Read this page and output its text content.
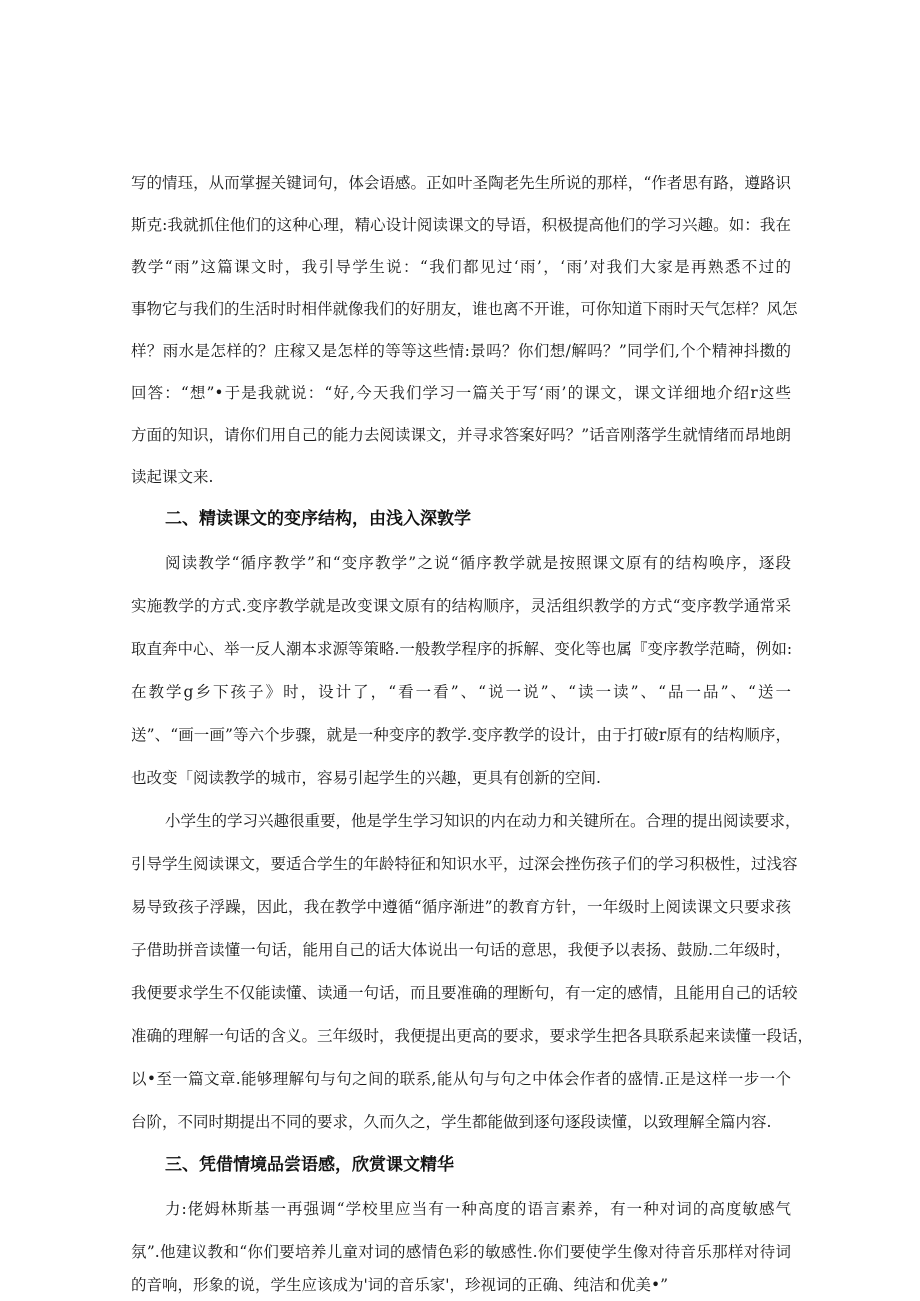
写的情珏，从而掌握关键词句，体会语感。正如叶圣陶老先生所说的那样，“作者思有路，遵路识
斯克:我就抓住他们的这种心理，精心设计阅读课文的导语，积极提高他们的学习兴趣。如：我在
教学“雨”这篇课文时，我引导学生说：“我们都见过‘雨’，‘雨’对我们大家是再熟悉不过的
事物它与我们的生活时时相伴就像我们的好朋友，谁也离不开谁，可你知道下雨时天气怎样？风怎
样？雨水是怎样的？庄稼又是怎样的等等这些情:景吗？你们想/解吗？”同学们,个个精神抖擞的
回答：“想”•于是我就说：“好,今天我们学习一篇关于写‘雨’的课文，课文详细地介绍r这些
方面的知识，请你们用自己的能力去阅读课文，并寻求答案好吗？”话音刚落学生就情绪而昂地朗
读起课文来.
二、精读课文的变序结构，由浅入深敦学
阅读教学“循序教学”和“变序教学”之说“循序教学就是按照课文原有的结构唤序，逐段
实施教学的方式.变序教学就是改变课文原有的结构顺序，灵活组织教学的方式“变序教学通常采
取直奔中心、举一反人潮本求源等策略.一般教学程序的拆解、变化等也属『变序教学范畸，例如:
在教学g乡下孩子》时，设计了，“看一看”、“说一说”、“读一读”、“品一品”、“送一
送”、“画一画”等六个步骤，就是一种变序的教学.变序教学的设计，由于打破r原有的结构顺序，
也改变「阅读教学的城市，容易引起学生的兴趣，更具有创新的空间.
小学生的学习兴趣很重要，他是学生学习知识的内在动力和关键所在。合理的提出阅读要求，
引导学生阅读课文，要适合学生的年龄特征和知识水平，过深会挫伤孩子们的学习积极性，过浅容
易导致孩子浮躁，因此，我在教学中遵循“循序渐进”的教育方针，一年级时上阅读课文只要求孩
子借助拼音读懂一句话，能用自己的话大体说出一句话的意思，我便予以表扬、鼓励.二年级时，
我便要求学生不仅能读懂、读通一句话，而且要准确的理断句，有一定的感情，且能用自己的话较
准确的理解一句话的含义。三年级时，我便提出更高的要求，要求学生把各具联系起来读懂一段话，
以•至一篇文章.能够理解句与句之间的联系,能从句与句之中体会作者的盛情.正是这样一步一个
台阶，不同时期提出不同的要求，久而久之，学生都能做到逐句逐段读懂，以致理解全篇内容.
三、凭借情境品尝语感，欣赏课文精华
力:佬姆林斯基一再强调“学校里应当有一种高度的语言素养，有一种对词的高度敏感气
氛”.他建议教和“你们要培养儿童对词的感情色彩的敏感性.你们要使学生像对待音乐那样对待词
的音响，形象的说，学生应该成为'词的音乐家'，珍视词的正确、纯洁和优美•”
